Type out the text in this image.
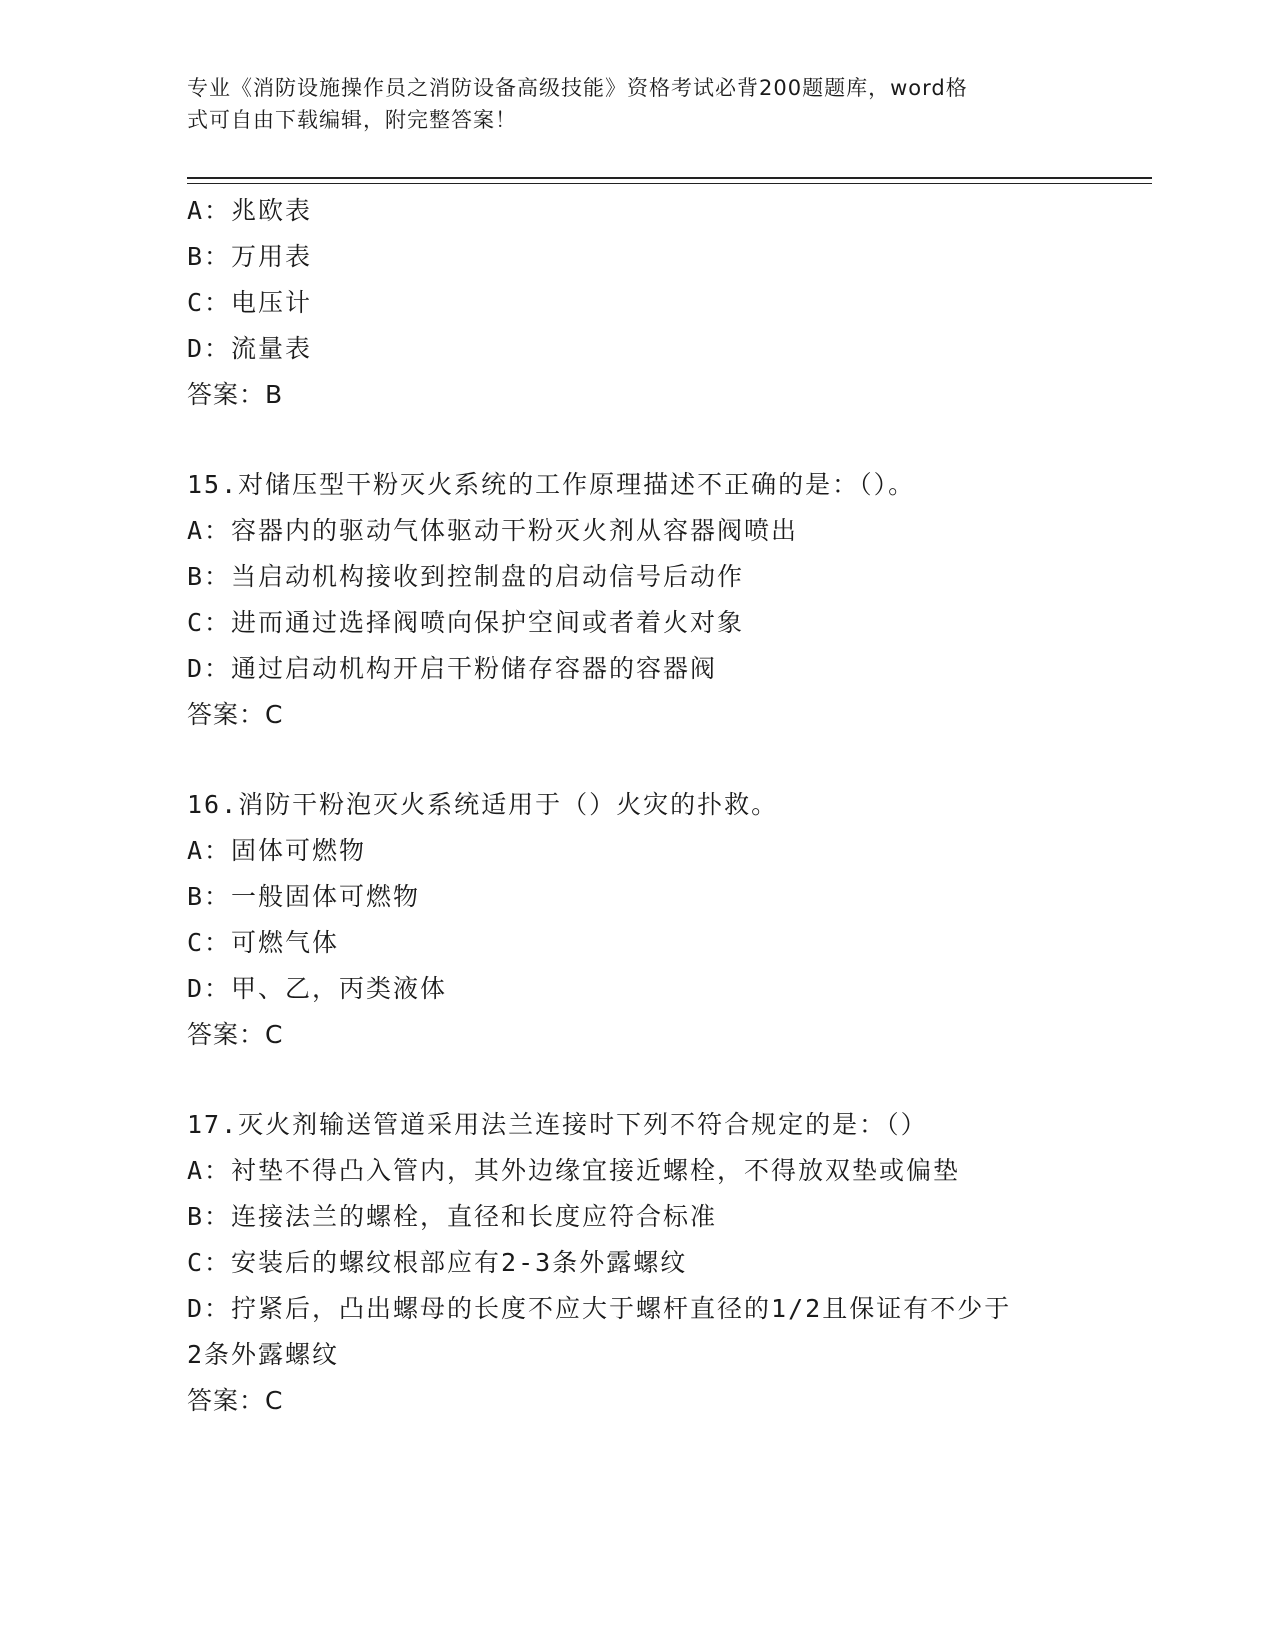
专业《消防设施操作员之消防设备高级技能》资格考试必背200题题库，word格
式可自由下载编辑，附完整答案！
A：兆欧表
B：万用表
C：电压计
D：流量表
答案：B
15.对储压型干粉灭火系统的工作原理描述不正确的是：（）。
A：容器内的驱动气体驱动干粉灭火剂从容器阀喷出
B：当启动机构接收到控制盘的启动信号后动作
C：进而通过选择阀喷向保护空间或者着火对象
D：通过启动机构开启干粉储存容器的容器阀
答案：C
16.消防干粉泡灭火系统适用于（）火灾的扑救。
A：固体可燃物
B：一般固体可燃物
C：可燃气体
D：甲、乙，丙类液体
答案：C
17.灭火剂输送管道采用法兰连接时下列不符合规定的是：（）
A：衬垫不得凸入管内，其外边缘宜接近螺栓，不得放双垫或偏垫
B：连接法兰的螺栓，直径和长度应符合标准
C：安装后的螺纹根部应有2-3条外露螺纹
D：拧紧后，凸出螺母的长度不应大于螺杆直径的1/2且保证有不少于
2条外露螺纹
答案：C
